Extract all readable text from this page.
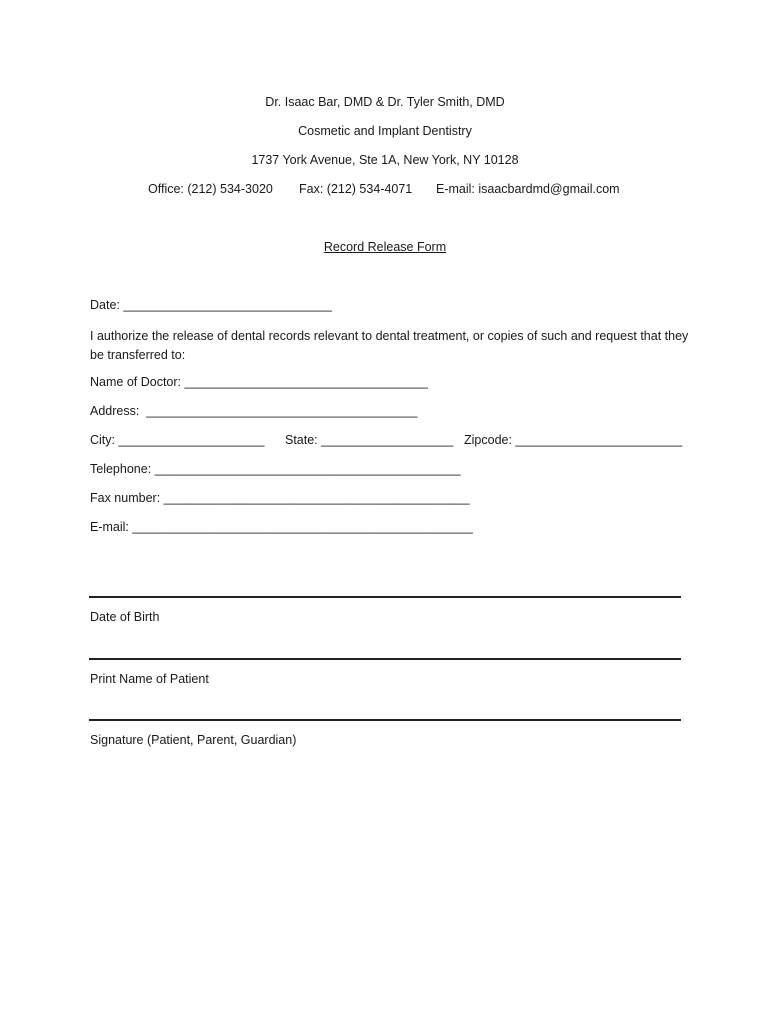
Dr. Isaac Bar, DMD & Dr. Tyler Smith, DMD
Cosmetic and Implant Dentistry
1737 York Avenue, Ste 1A, New York, NY 10128
Office: (212) 534-3020 Fax: (212) 534-4071 E-mail: isaacbardmd@gmail.com
Record Release Form
Date: ______________________________
I authorize the release of dental records relevant to dental treatment, or copies of such and request that they be transferred to:
Name of Doctor: ___________________________________
Address:  _______________________________________
City: _____________________ State: ___________________ Zipcode: ________________________
Telephone: ____________________________________________
Fax number: ____________________________________________
E-mail: _________________________________________________
Date of Birth
Print Name of Patient
Signature (Patient, Parent, Guardian)
